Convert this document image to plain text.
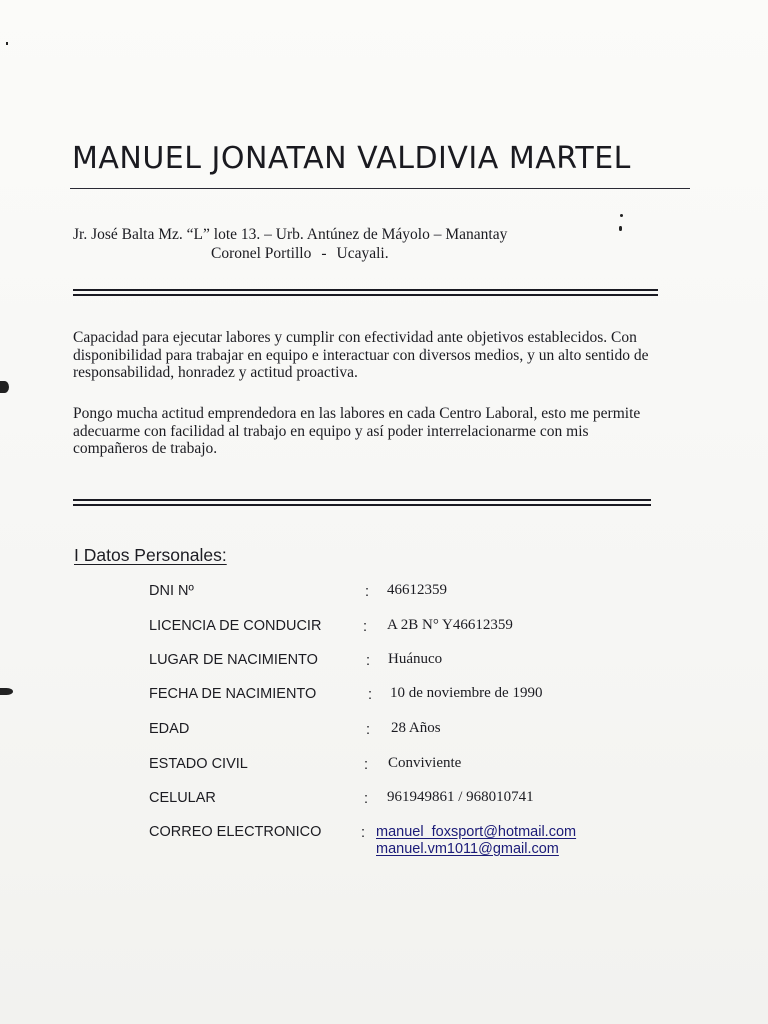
MANUEL JONATAN VALDIVIA MARTEL
Jr. José Balta Mz. “L” lote 13. – Urb. Antúnez de Máyolo – Manantay
Coronel Portillo - Ucayali.
Capacidad para ejecutar labores y cumplir con efectividad ante objetivos establecidos. Con disponibilidad para trabajar en equipo e interactuar con diversos medios, y un alto sentido de responsabilidad, honradez y actitud proactiva.
Pongo mucha actitud emprendedora en las labores en cada Centro Laboral, esto me permite adecuarme con facilidad al trabajo en equipo y así poder interrelacionarme con mis compañeros de trabajo.
I Datos Personales:
DNI Nº	: 46612359
LICENCIA DE CONDUCIR	: A 2B N° Y46612359
LUGAR DE NACIMIENTO	: Huánuco
FECHA DE NACIMIENTO	: 10 de noviembre de 1990
EDAD	: 28 Años
ESTADO CIVIL	: Conviviente
CELULAR	: 961949861 / 968010741
CORREO ELECTRONICO	: manuel_foxsport@hotmail.com
manuel.vm1011@gmail.com
